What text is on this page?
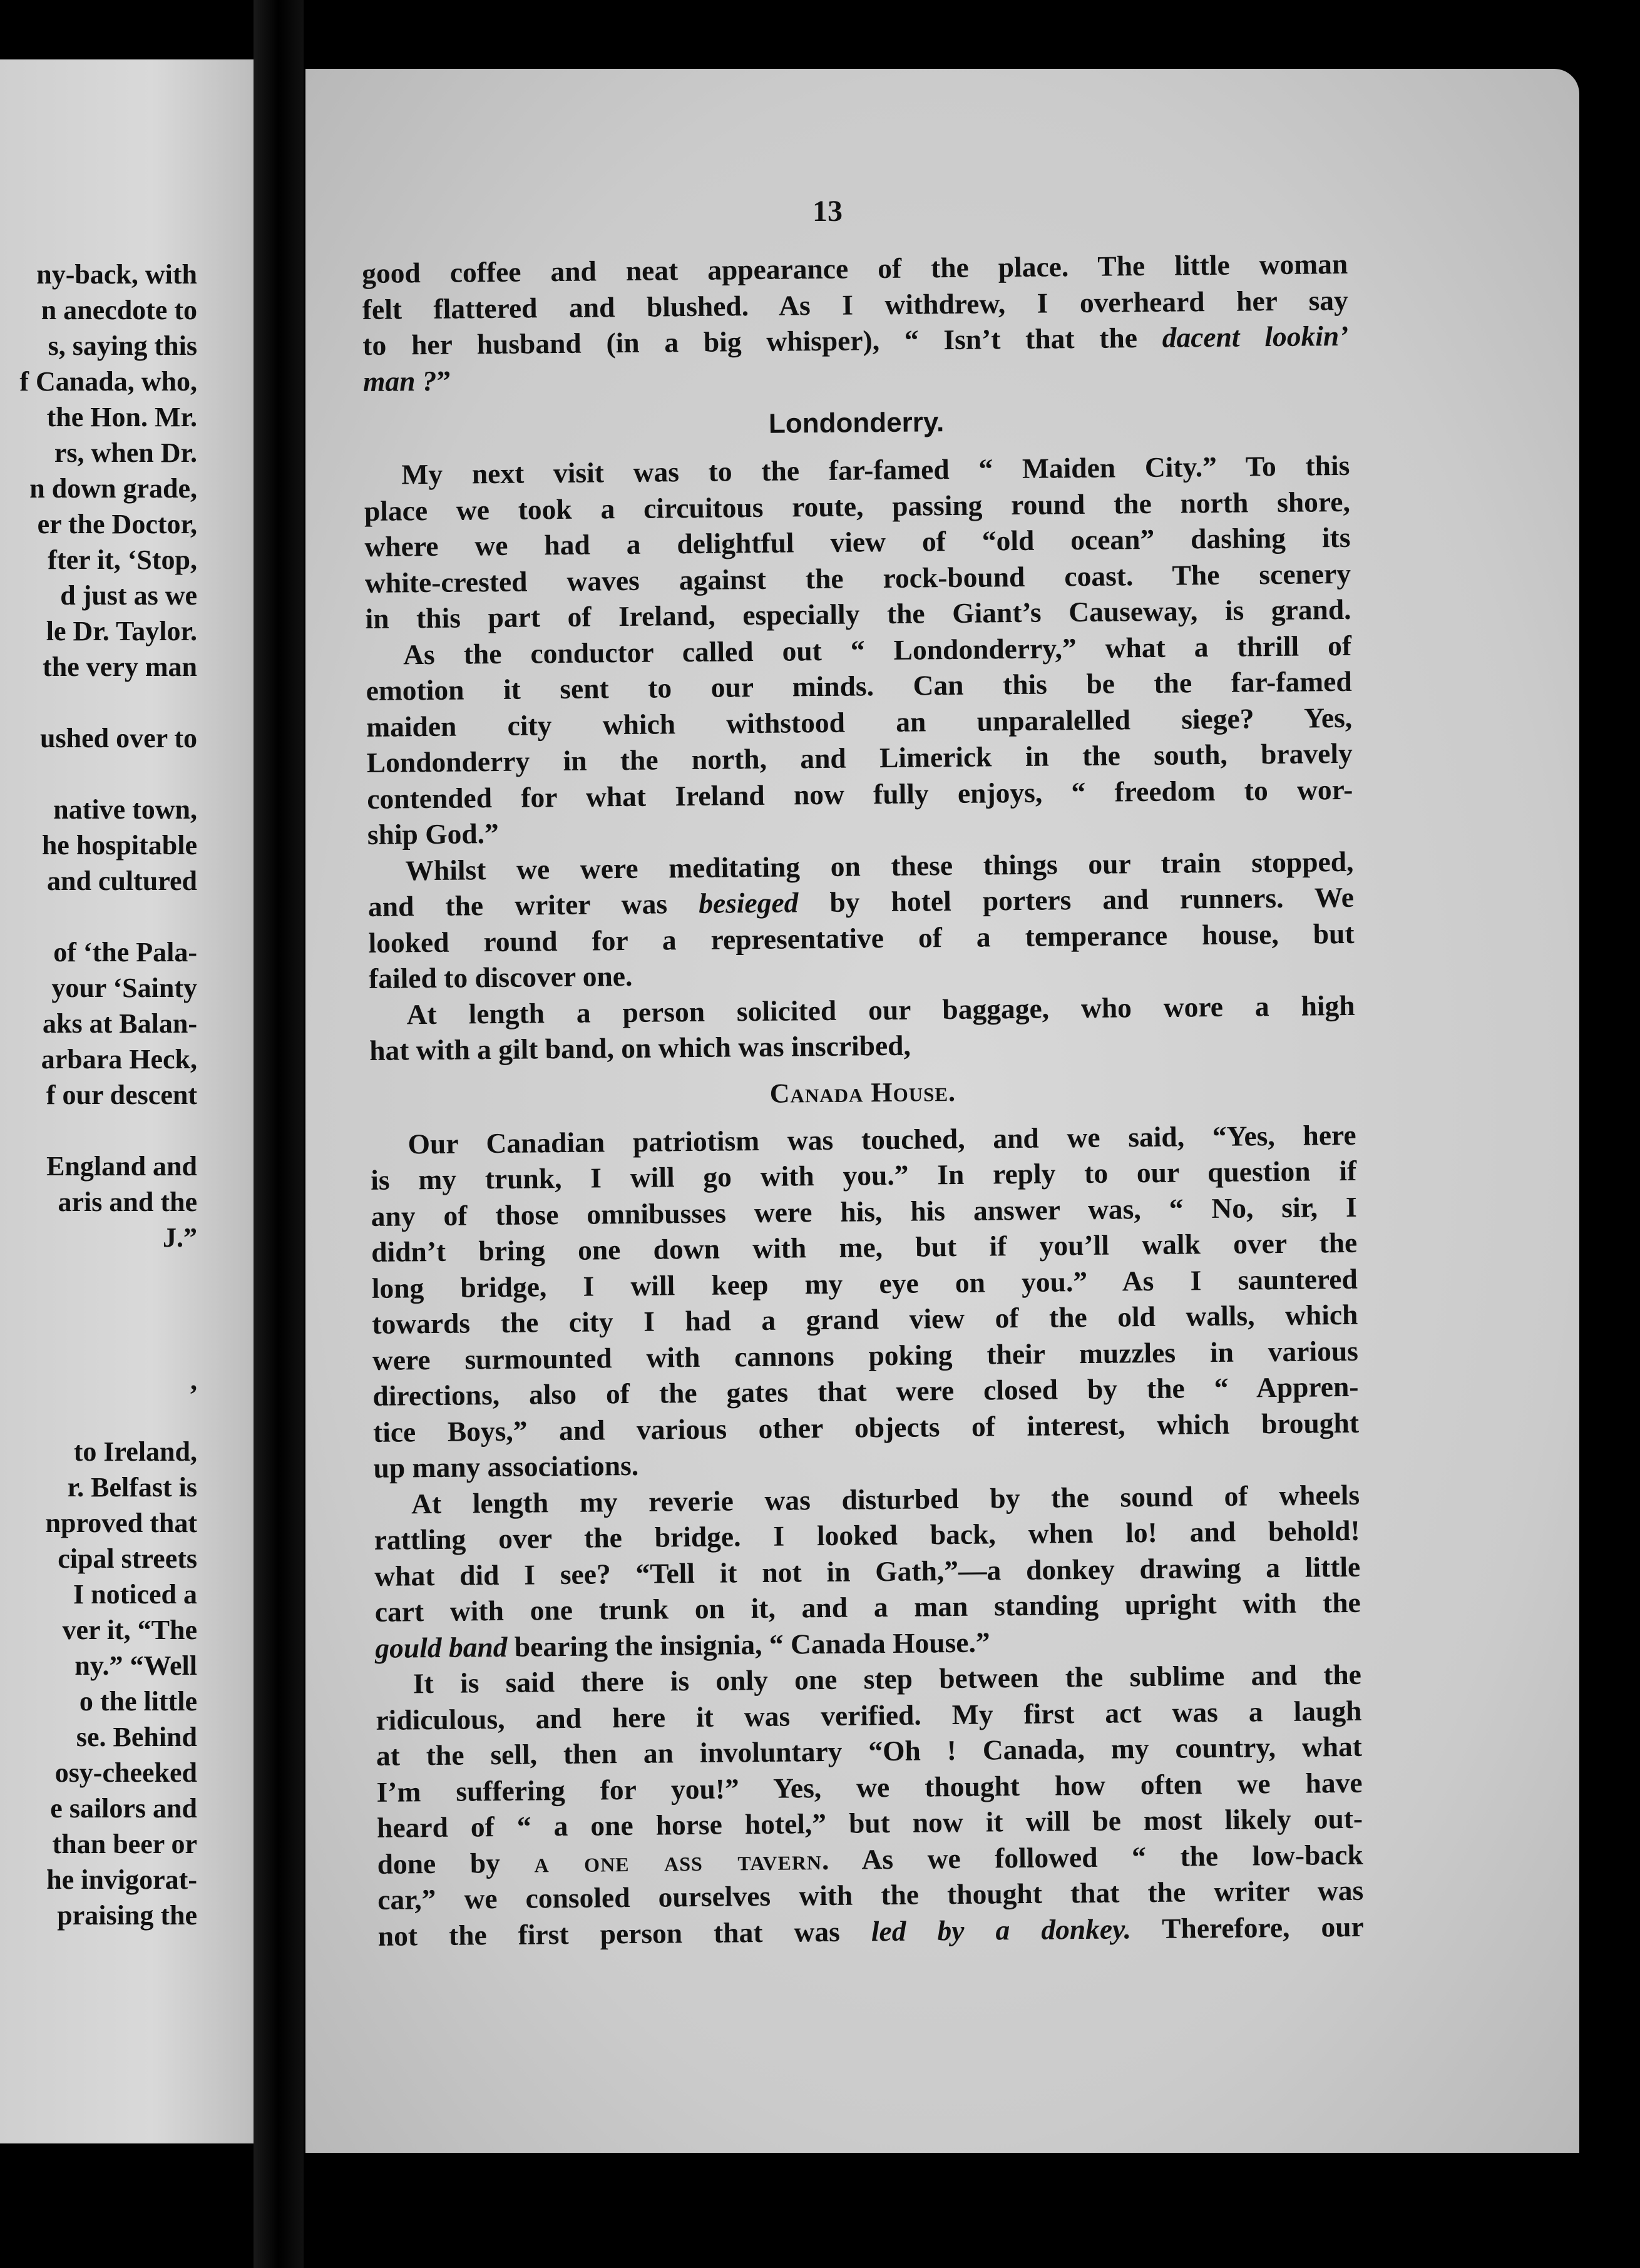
ny-back, with
n anecdote to
s, saying this
f Canada, who,
the Hon. Mr.
rs, when Dr.
n down grade,
er the Doctor,
fter it, ‘Stop,
d just as we
le Dr. Taylor.
the very man
ushed over to
native town,
he hospitable
and cultured
of ‘the Pala-
your ‘Sainty
aks at Balan-
arbara Heck,
f our descent
England and
aris and the
J.”
,
to Ireland,
r. Belfast is
nproved that
cipal streets
I noticed a
ver it, “The
ny.” “Well
o the little
se. Behind
osy-cheeked
e sailors and
than beer or
he invigorat-
praising the
13
good coffee and neat appearance of the place. The little woman
felt flattered and blushed. As I withdrew, I overheard her say
to her husband (in a big whisper), “ Isn’t that the dacent lookin’
man ?”
Londonderry.
My next visit was to the far-famed “ Maiden City.” To this
place we took a circuitous route, passing round the north shore,
where we had a delightful view of “old ocean” dashing its
white-crested waves against the rock-bound coast. The scenery
in this part of Ireland, especially the Giant’s Causeway, is grand.
As the conductor called out “ Londonderry,” what a thrill of
emotion it sent to our minds. Can this be the far-famed
maiden city which withstood an unparalelled siege? Yes,
Londonderry in the north, and Limerick in the south, bravely
contended for what Ireland now fully enjoys, “ freedom to wor-
ship God.”
Whilst we were meditating on these things our train stopped,
and the writer was besieged by hotel porters and runners. We
looked round for a representative of a temperance house, but
failed to discover one.
At length a person solicited our baggage, who wore a high
hat with a gilt band, on which was inscribed,
Canada House.
Our Canadian patriotism was touched, and we said, “Yes, here
is my trunk, I will go with you.” In reply to our question if
any of those omnibusses were his, his answer was, “ No, sir, I
didn’t bring one down with me, but if you’ll walk over the
long bridge, I will keep my eye on you.” As I sauntered
towards the city I had a grand view of the old walls, which
were surmounted with cannons poking their muzzles in various
directions, also of the gates that were closed by the “ Appren-
tice Boys,” and various other objects of interest, which brought
up many associations.
At length my reverie was disturbed by the sound of wheels
rattling over the bridge. I looked back, when lo! and behold!
what did I see? “Tell it not in Gath,”—a donkey drawing a little
cart with one trunk on it, and a man standing upright with the
gould band bearing the insignia, “ Canada House.”
It is said there is only one step between the sublime and the
ridiculous, and here it was verified. My first act was a laugh
at the sell, then an involuntary “Oh ! Canada, my country, what
I’m suffering for you!” Yes, we thought how often we have
heard of “ a one horse hotel,” but now it will be most likely out-
done by a one ass tavern. As we followed “ the low-back
car,” we consoled ourselves with the thought that the writer was
not the first person that was led by a donkey. Therefore, our
